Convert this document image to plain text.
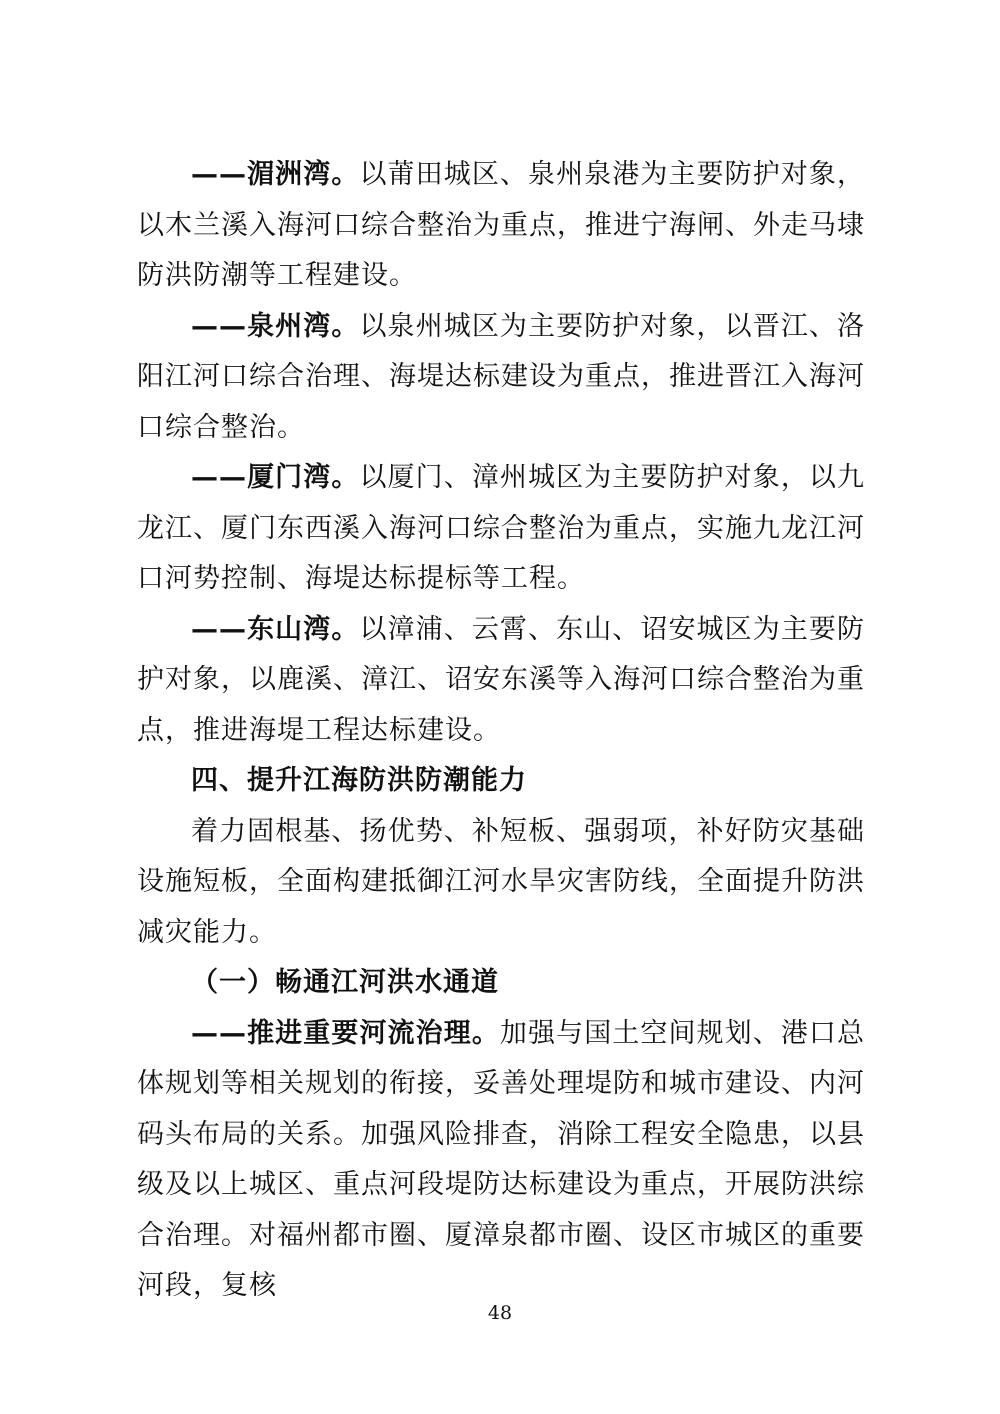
——湄洲湾。以莆田城区、泉州泉港为主要防护对象，以木兰溪入海河口综合整治为重点，推进宁海闸、外走马埭防洪防潮等工程建设。

——泉州湾。以泉州城区为主要防护对象，以晋江、洛阳江河口综合治理、海堤达标建设为重点，推进晋江入海河口综合整治。

——厦门湾。以厦门、漳州城区为主要防护对象，以九龙江、厦门东西溪入海河口综合整治为重点，实施九龙江河口河势控制、海堤达标提标等工程。

——东山湾。以漳浦、云霄、东山、诏安城区为主要防护对象，以鹿溪、漳江、诏安东溪等入海河口综合整治为重点，推进海堤工程达标建设。

四、提升江海防洪防潮能力

着力固根基、扬优势、补短板、强弱项，补好防灾基础设施短板，全面构建抵御江河水旱灾害防线，全面提升防洪减灾能力。

（一）畅通江河洪水通道

——推进重要河流治理。加强与国土空间规划、港口总体规划等相关规划的衔接，妥善处理堤防和城市建设、内河码头布局的关系。加强风险排查，消除工程安全隐患，以县级及以上城区、重点河段堤防达标建设为重点，开展防洪综合治理。对福州都市圈、厦漳泉都市圈、设区市城区的重要河段，复核

48
